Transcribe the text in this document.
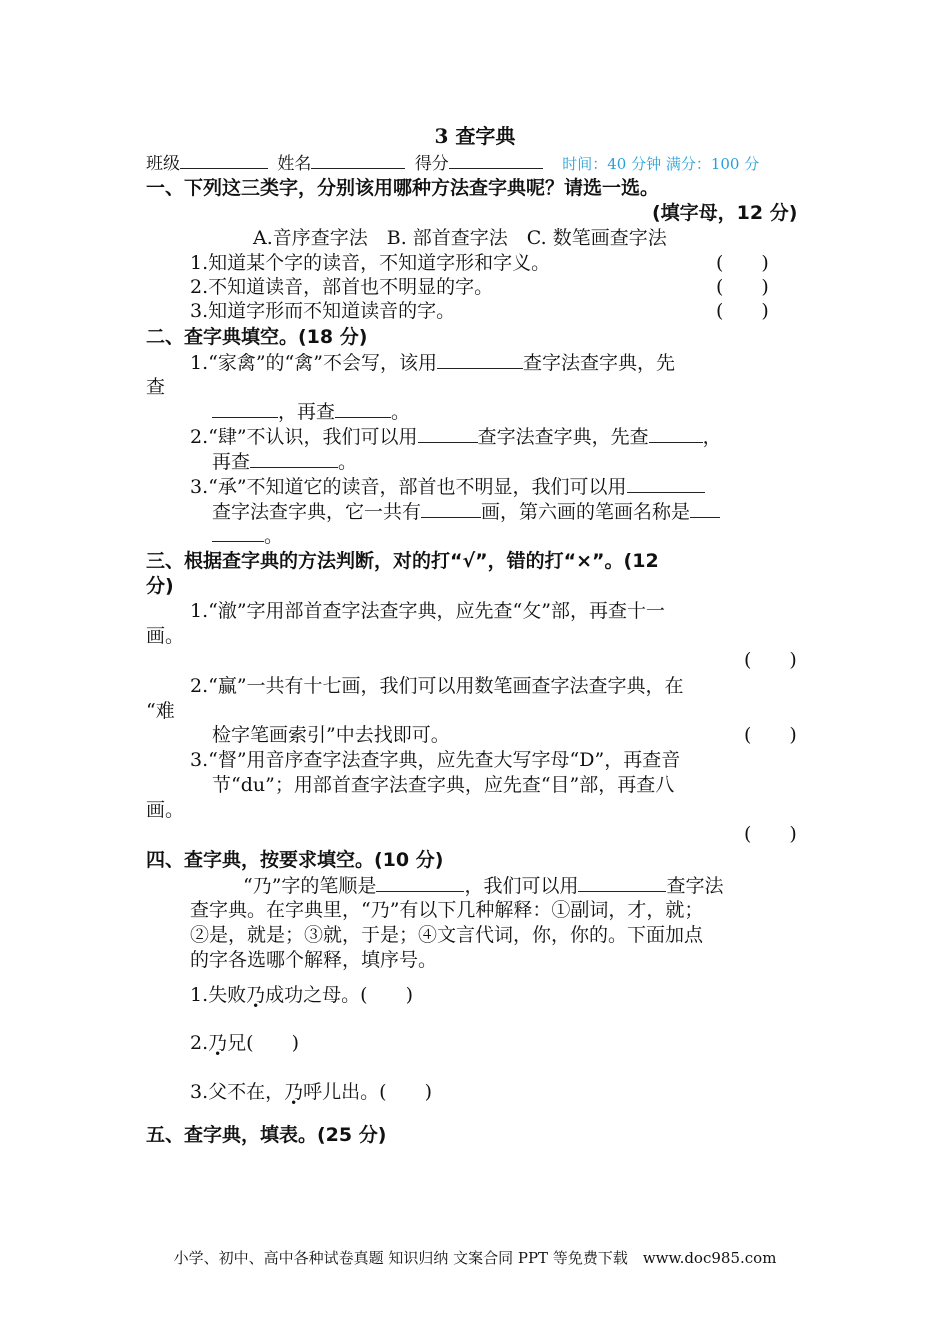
3 查字典
班级	姓名	得分	时间：40 分钟 满分：100 分
一、下列这三类字，分别该用哪种方法查字典呢？请选一选。
(填字母，12 分)
A.音序查字法　B. 部首查字法　C. 数笔画查字法
1.知道某个字的读音，不知道字形和字义。	(　　)
2.不知道读音，部首也不明显的字。	(　　)
3.知道字形而不知道读音的字。	(　　)
二、查字典填空。(18 分)
1.“家禽”的“禽”不会写，该用	查字法查字典，先
查
，再查	。
2.“肆”不认识，我们可以用	查字法查字典，先查	，
再查	。
3.“承”不知道它的读音，部首也不明显，我们可以用
查字法查字典，它一共有	画，第六画的笔画名称是
。
三、根据查字典的方法判断，对的打“√”，错的打“×”。(12
分)
1.“澈”字用部首查字法查字典，应先查“攵”部，再查十一
画。
(　　)
2.“赢”一共有十七画，我们可以用数笔画查字法查字典，在
“难
检字笔画索引”中去找即可。	(　　)
3.“督”用音序查字法查字典，应先查大写字母“D”，再查音
节“du”；用部首查字法查字典，应先查“目”部，再查八
画。
(　　)
四、查字典，按要求填空。(10 分)
“乃”字的笔顺是	，我们可以用	查字法
查字典。在字典里，“乃”有以下几种解释：①副词，才，就；
②是，就是；③就，于是；④文言代词，你，你的。下面加点
的字各选哪个解释，填序号。
1.失败乃成功之母。(　　)
2.乃兄(　　)
3.父不在，乃呼儿出。(　　)
五、查字典，填表。(25 分)
小学、初中、高中各种试卷真题 知识归纳 文案合同 PPT 等免费下载　www.doc985.com
